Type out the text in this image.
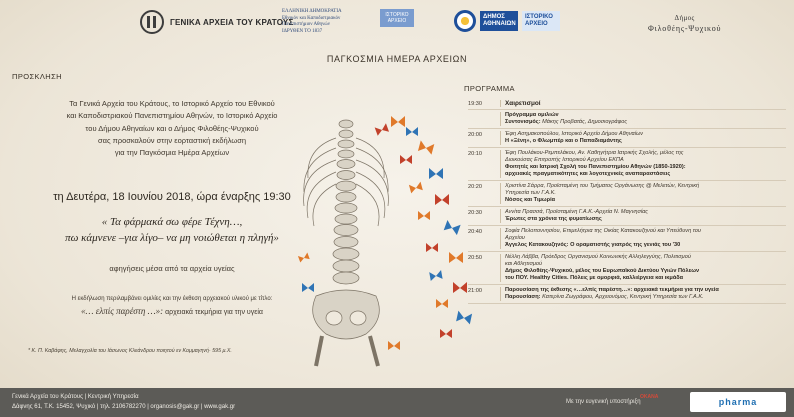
ΓΕΝΙΚΑ ΑΡΧΕΙΑ ΤΟΥ ΚΡΑΤΟΥΣ
ΕΛΛΗΝΙΚΗ ΔΗΜΟΚΡΑΤΙΑ
Εθνικόν και Καποδιστριακόν
Πανεπιστήμιον Αθηνών
ΙΔΡΥΘΕΝ ΤΟ 1837
ΙΣΤΟΡΙΚΟ ΑΡΧΕΙΟ
ΔΗΜΟΣ ΑΘΗΝΑΙΩΝ
ΙΣΤΟΡΙΚΟ ΑΡΧΕΙΟ
Δήμος
Φιλοθέης-Ψυχικού
ΠΑΓΚΟΣΜΙΑ ΗΜΕΡΑ ΑΡΧΕΙΩΝ
ΠΡΟΣΚΛΗΣΗ
Τα Γενικά Αρχεία του Κράτους, το Ιστορικό Αρχείο του Εθνικού
και Καποδιστριακού Πανεπιστημίου Αθηνών, το Ιστορικό Αρχείο
του Δήμου Αθηναίων και ο Δήμος Φιλοθέης-Ψυχικού
σας προσκαλούν στην εορταστική εκδήλωση
για την Παγκόσμια Ημέρα Αρχείων
τη Δευτέρα, 18 Ιουνίου 2018, ώρα έναρξης 19:30
« Τα φάρμακά σω φέρε Τέχνη…,
πω κάμνενε –για λίγο– να μη νοιώθεται η πληγή»
αφηγήσεις μέσα από τα αρχεία υγείας
Η εκδήλωση περιλαμβάνει ομιλίες και την έκθεση αρχειακού υλικού με τίτλο:
«… ελπίς παρέστη …»: αρχειακά τεκμήρια για την υγεία
* Κ. Π. Καβάφης, Μελαγχολία του Ιάσωνος Κλεάνδρου ποιητού εν Κομμαγηνή· 595 μ.Χ.
ΠΡΟΓΡΑΜΜΑ
19:30	Χαιρετισμοί
Πρόγραμμα ομιλιών
Συντονισμός: Μάκης Προβατάς, Δημοσιογράφος
20:00	Έφη Ασημακοπούλου, Ιστορικό Αρχείο Δήμου Αθηναίων
Η «Ξένη», ο Φλωμπέρ και ο Παπαδιαμάντης
20:10	Έφη Πουλάκου-Ρεμπελάκου, Αν. Καθηγήτρια Ιατρικής Σχολής, μέλος της
Διοικούσας Επιτροπής Ιστορικού Αρχείου ΕΚΠΑ
Φοιτητές και Ιατρική Σχολή του Πανεπιστημίου Αθηνών (1850-1920):
αρχειακές πραγματικότητες και λογοτεχνικές αναπαραστάσεις
20:20	Χριστίνα Σάρρα, Προϊσταμένη του Τμήματος Οργάνωσης @ Μελετών, Κεντρική
Υπηρεσία των Γ.Α.Κ.
Νόσος και Τιμωρία
20:30	Αννίτα Πρασσά, Προϊσταμένη Γ.Α.Κ.-Αρχεία Ν. Μαγνησίας
Έρωτες στα χρόνια της φυματίωσης
20:40	Σοφία Πελοποννησίου, Επιμελήτρια της Οικίας Κατακουζηνού και Υπεύθυνη του
Αρχείου
Άγγελος Κατακουζηνός: Ο οραματιστής γιατρός της γενιάς του '30
20:50	Νέλλη Λάββα, Πρόεδρος Οργανισμού Κοινωνικής Αλληλεγγύης, Πολιτισμού
και Αθλητισμού
Δήμος Φιλοθέης-Ψυχικού, μέλος του Ευρωπαϊκού Δικτύου Υγιών Πόλεων
του ΠΟΥ. Healthy Cities. Πόλεις με ομορφιά, καλλιέργεια και ικμάδα
21:00	Παρουσίαση της έκθεσης «…ελπίς παρέστη…»: αρχειακά τεκμήρια για την υγεία
Παρουσίαση: Κατερίνα Ζωγράφου, Αρχειονόμος, Κεντρική Υπηρεσία των Γ.Α.Κ.
Γενικά Αρχεία του Κράτους | Κεντρική Υπηρεσία
Δάφνης 61, Τ.Κ. 15452, Ψυχικό | τηλ. 2106782270 | organosis@gak.gr | www.gak.gr
Με την ευγενική υποστήριξη
ΟΚΑΝΑ	pharma
